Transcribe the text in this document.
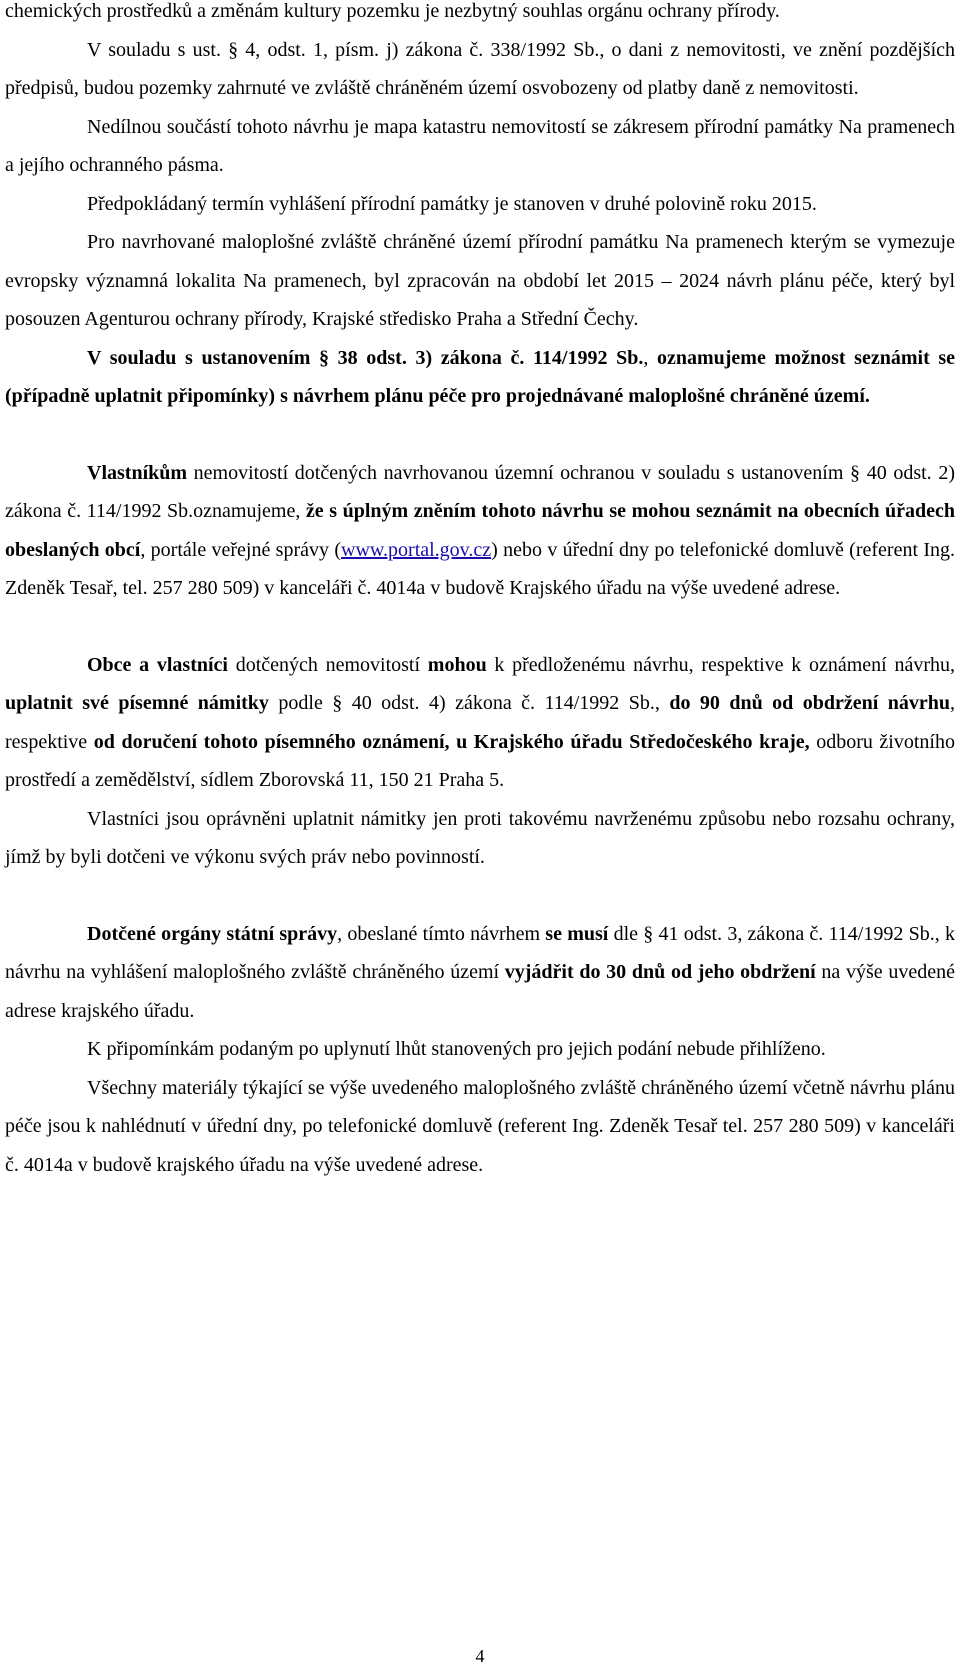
chemických prostředků a změnám kultury pozemku je nezbytný souhlas orgánu ochrany přírody.

V souladu s ust. § 4, odst. 1, písm. j) zákona č. 338/1992 Sb., o dani z nemovitosti, ve znění pozdějších předpisů, budou pozemky zahrnuté ve zvláště chráněném území osvobozeny od platby daně z nemovitosti.

Nedílnou součástí tohoto návrhu je mapa katastru nemovitostí se zákresem přírodní památky Na pramenech a jejího ochranného pásma.

Předpokládaný termín vyhlášení přírodní památky je stanoven v druhé polovině roku 2015.

Pro navrhované maloplošné zvláště chráněné území přírodní památku Na pramenech kterým se vymezuje evropsky významná lokalita Na pramenech, byl zpracován na období let 2015 – 2024 návrh plánu péče, který byl posouzen Agenturou ochrany přírody, Krajské středisko Praha a Střední Čechy.

V souladu s ustanovením § 38 odst. 3) zákona č. 114/1992 Sb., oznamujeme možnost seznámit se (případně uplatnit připomínky) s návrhem plánu péče pro projednávané maloplošné chráněné území.

Vlastníkům nemovitostí dotčených navrhovanou územní ochranou v souladu s ustanovením § 40 odst. 2) zákona č. 114/1992 Sb.oznamujeme, že s úplným zněním tohoto návrhu se mohou seznámit na obecních úřadech obeslaných obcí, portále veřejné správy (www.portal.gov.cz) nebo v úřední dny po telefonické domluvě (referent Ing. Zdeněk Tesař, tel. 257 280 509) v kanceláři č. 4014a v budově Krajského úřadu na výše uvedené adrese.

Obce a vlastníci dotčených nemovitostí mohou k předloženému návrhu, respektive k oznámení návrhu, uplatnit své písemné námitky podle § 40 odst. 4) zákona č. 114/1992 Sb., do 90 dnů od obdržení návrhu, respektive od doručení tohoto písemného oznámení, u Krajského úřadu Středočeského kraje, odboru životního prostředí a zemědělství, sídlem Zborovská 11, 150 21 Praha 5.

Vlastníci jsou oprávněni uplatnit námitky jen proti takovému navrženému způsobu nebo rozsahu ochrany, jímž by byli dotčeni ve výkonu svých práv nebo povinností.

Dotčené orgány státní správy, obeslané tímto návrhem se musí dle § 41 odst. 3, zákona č. 114/1992 Sb., k návrhu na vyhlášení maloplošného zvláště chráněného území vyjádřit do 30 dnů od jeho obdržení na výše uvedené adrese krajského úřadu.

K připomínkám podaným po uplynutí lhůt stanovených pro jejich podání nebude přihlíženo.

Všechny materiály týkající se výše uvedeného maloplošného zvláště chráněného území včetně návrhu plánu péče jsou k nahlédnutí v úřední dny, po telefonické domluvě (referent Ing. Zdeněk Tesař tel. 257 280 509) v kanceláři č. 4014a v budově krajského úřadu na výše uvedené adrese.

4
